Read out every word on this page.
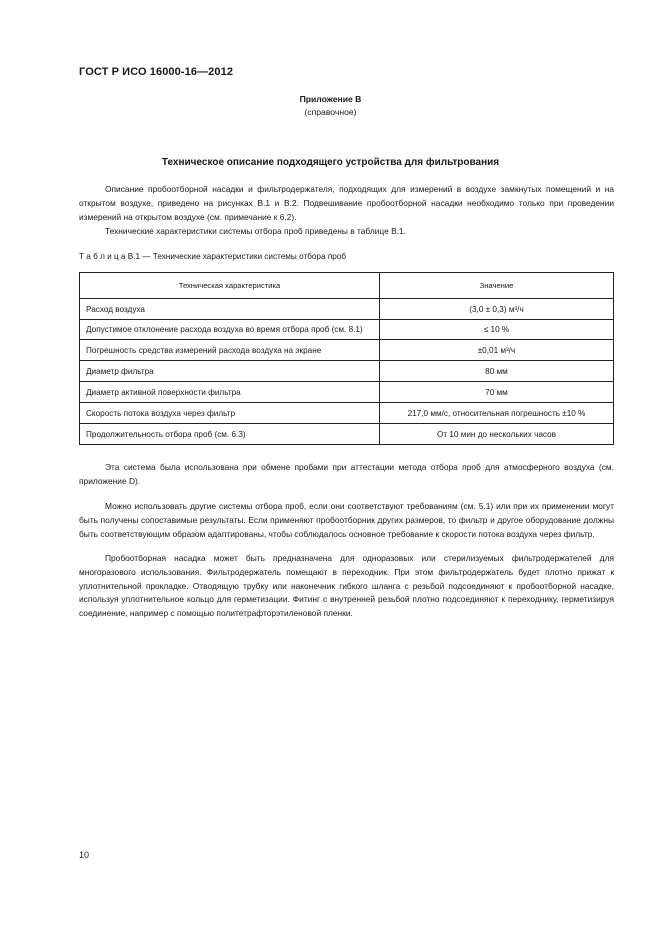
ГОСТ Р ИСО 16000-16—2012
Приложение В
(справочное)
Техническое описание подходящего устройства для фильтрования

Описание пробоотборной насадки и фильтродержателя, подходящих для измерений в воздухе замкнутых помещений и на открытом воздухе, приведено на рисунках В.1 и В.2. Подвешивание пробоотборной насадки необходимо только при проведении измерений на открытом воздухе (см. примечание к 6.2).

Технические характеристики системы отбора проб приведены в таблице В.1.

Т а б л и ц а В.1 — Технические характеристики системы отбора проб
Техническая характеристика	Значение
Расход воздуха	(3,0 ± 0,3) м³/ч
Допустимое отклонение расхода воздуха во время отбора проб (см. 8.1)	≤ 10 %
Погрешность средства измерений расхода воздуха на экране	±0,01 м³/ч
Диаметр фильтра	80 мм
Диаметр активной поверхности фильтра	70 мм
Скорость потока воздуха через фильтр	217,0 мм/с, относительная погрешность ±10 %
Продолжительность отбора проб (см. 6.3)	От 10 мин до нескольких часов

Эта система была использована при обмене пробами при аттестации метода отбора проб для атмосферного воздуха (см. приложение D).

Можно использовать другие системы отбора проб, если они соответствуют требованиям (см. 5.1) или при их применении могут быть получены сопоставимые результаты. Если применяют пробоотборник других размеров, то фильтр и другое оборудование должны быть соответствующим образом адаптированы, чтобы соблюдалось основное требование к скорости потока воздуха через фильтр.

Пробоотборная насадка может быть предназначена для одноразовых или стерилизуемых фильтродержателей для многоразового использования. Фильтродержатель помещают в переходник. При этом фильтродержатель будет плотно прижат к уплотнительной прокладке. Отводящую трубку или наконечник гибкого шланга с резьбой подсоединяют к пробоотборной насадке, используя уплотнительное кольцо для герметизации. Фитинг с внутренней резьбой плотно подсоединяют к переходнику, герметизируя соединение, например с помощью политетрафторэтиленовой пленки.

10
